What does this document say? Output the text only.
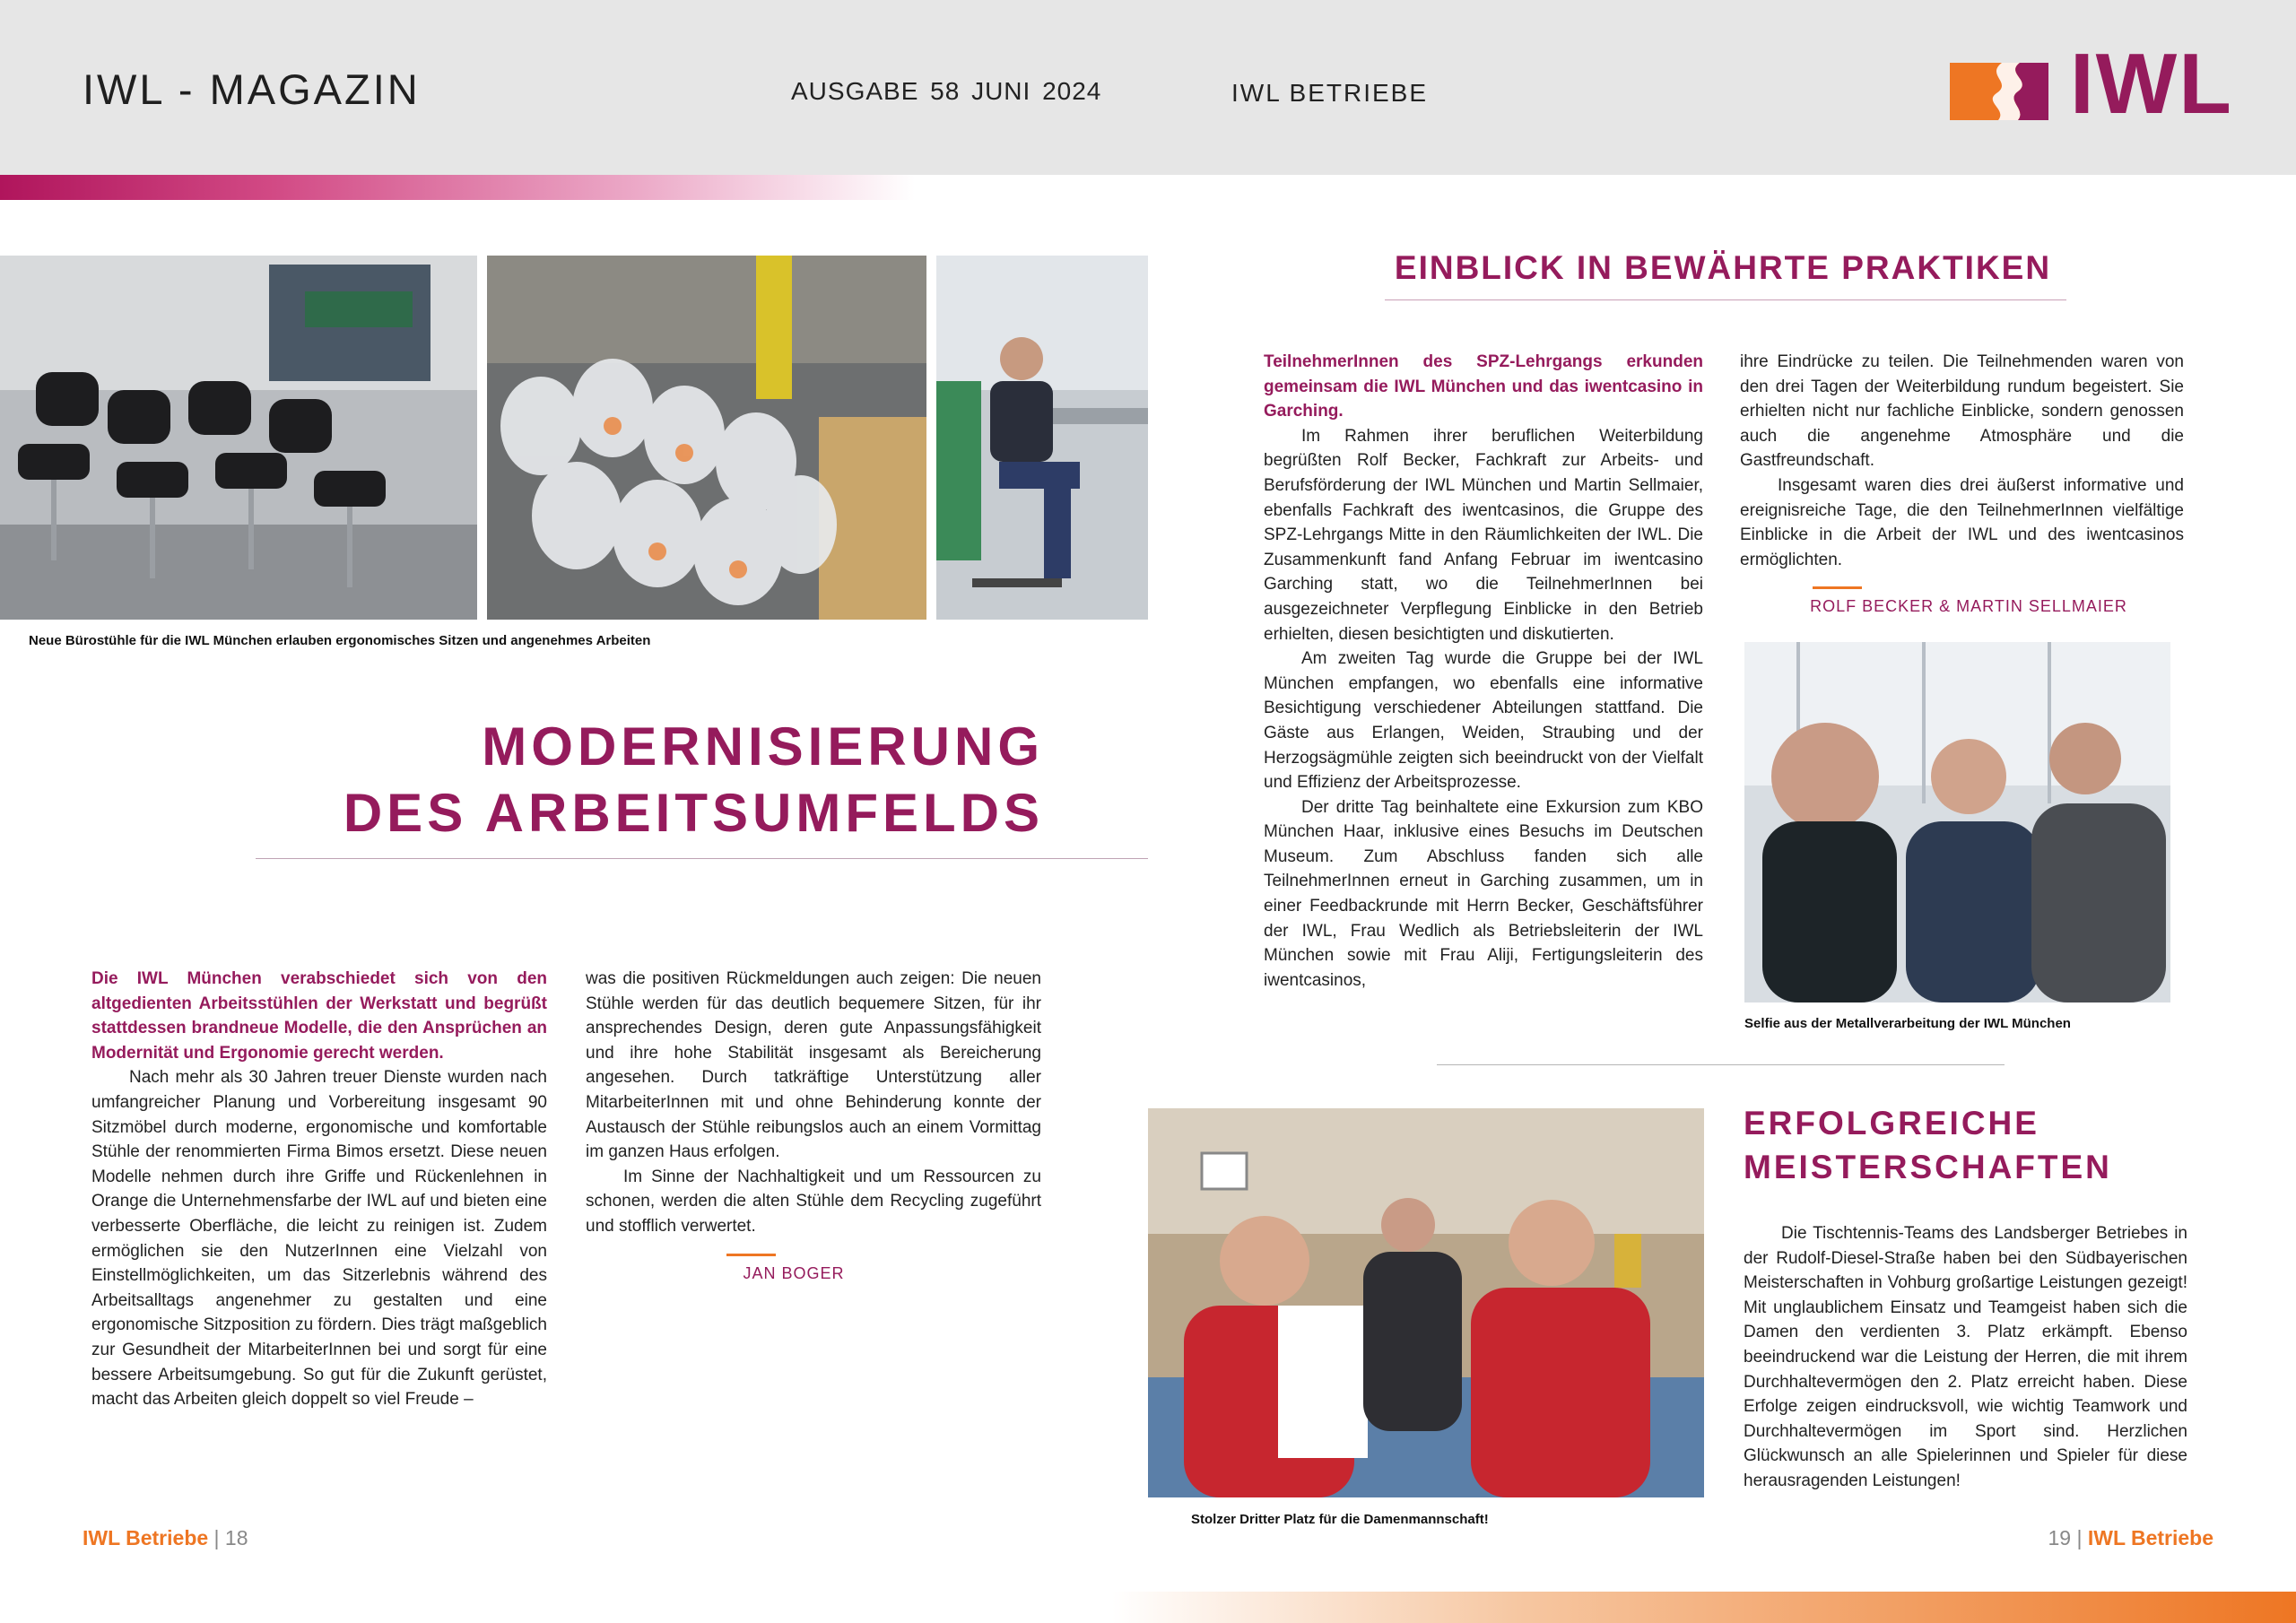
IWL - MAGAZIN	AUSGABE 58 JUNI 2024	IWL BETRIEBE	IWL
Neue Bürostühle für die IWL München erlauben ergonomisches Sitzen und angenehmes Arbeiten
MODERNISIERUNG
DES ARBEITSUMFELDS

Die IWL München verabschiedet sich von den altgedienten Arbeitsstühlen der Werkstatt und begrüßt stattdessen brandneue Modelle, die den Ansprüchen an Modernität und Ergonomie gerecht werden.

Nach mehr als 30 Jahren treuer Dienste wurden nach umfangreicher Planung und Vorbereitung insgesamt 90 Sitzmöbel durch moderne, ergonomische und komfortable Stühle der renommierten Firma Bimos ersetzt. Diese neuen Modelle nehmen durch ihre Griffe und Rückenlehnen in Orange die Unternehmensfarbe der IWL auf und bieten eine verbesserte Oberfläche, die leicht zu reinigen ist. Zudem ermöglichen sie den NutzerInnen eine Vielzahl von Einstellmöglichkeiten, um das Sitzerlebnis während des Arbeitsalltags angenehmer zu gestalten und eine ergonomische Sitzposition zu fördern. Dies trägt maßgeblich zur Gesundheit der MitarbeiterInnen bei und sorgt für eine bessere Arbeitsumgebung. So gut für die Zukunft gerüstet, macht das Arbeiten gleich doppelt so viel Freude –

was die positiven Rückmeldungen auch zeigen: Die neuen Stühle werden für das deutlich bequemere Sitzen, für ihr ansprechendes Design, deren gute Anpassungsfähigkeit und ihre hohe Stabilität insgesamt als Bereicherung angesehen. Durch tatkräftige Unterstützung aller MitarbeiterInnen mit und ohne Behinderung konnte der Austausch der Stühle reibungslos auch an einem Vormittag im ganzen Haus erfolgen.

Im Sinne der Nachhaltigkeit und um Ressourcen zu schonen, werden die alten Stühle dem Recycling zugeführt und stofflich verwertet.

JAN BOGER
EINBLICK IN BEWÄHRTE PRAKTIKEN

TeilnehmerInnen des SPZ-Lehrgangs erkunden gemeinsam die IWL München und das iwentcasino in Garching.

Im Rahmen ihrer beruflichen Weiterbildung begrüßten Rolf Becker, Fachkraft zur Arbeits- und Berufsförderung der IWL München und Martin Sellmaier, ebenfalls Fachkraft des iwentcasinos, die Gruppe des SPZ-Lehrgangs Mitte in den Räumlichkeiten der IWL. Die Zusammenkunft fand Anfang Februar im iwentcasino Garching statt, wo die TeilnehmerInnen bei ausgezeichneter Verpflegung Einblicke in den Betrieb erhielten, diesen besichtigten und diskutierten.

Am zweiten Tag wurde die Gruppe bei der IWL München empfangen, wo ebenfalls eine informative Besichtigung verschiedener Abteilungen stattfand. Die Gäste aus Erlangen, Weiden, Straubing und der Herzogsägmühle zeigten sich beeindruckt von der Vielfalt und Effizienz der Arbeitsprozesse.

Der dritte Tag beinhaltete eine Exkursion zum KBO München Haar, inklusive eines Besuchs im Deutschen Museum. Zum Abschluss fanden sich alle TeilnehmerInnen erneut in Garching zusammen, um in einer Feedbackrunde mit Herrn Becker, Geschäftsführer der IWL, Frau Wedlich als Betriebsleiterin der IWL München sowie mit Frau Aliji, Fertigungsleiterin des iwentcasinos,

ihre Eindrücke zu teilen. Die Teilnehmenden waren von den drei Tagen der Weiterbildung rundum begeistert. Sie erhielten nicht nur fachliche Einblicke, sondern genossen auch die angenehme Atmosphäre und die Gastfreundschaft.

Insgesamt waren dies drei äußerst informative und ereignisreiche Tage, die den TeilnehmerInnen vielfältige Einblicke in die Arbeit der IWL und des iwentcasinos ermöglichten.

ROLF BECKER & MARTIN SELLMAIER
Selfie aus der Metallverarbeitung der IWL München
Stolzer Dritter Platz für die Damenmannschaft!
ERFOLGREICHE
MEISTERSCHAFTEN

Die Tischtennis-Teams des Landsberger Betriebes in der Rudolf-Diesel-Straße haben bei den Südbayerischen Meisterschaften in Vohburg großartige Leistungen gezeigt! Mit unglaublichem Einsatz und Teamgeist haben sich die Damen den verdienten 3. Platz erkämpft. Ebenso beeindruckend war die Leistung der Herren, die mit ihrem Durchhaltevermögen den 2. Platz erreicht haben. Diese Erfolge zeigen eindrucksvoll, wie wichtig Teamwork und Durchhaltevermögen im Sport sind. Herzlichen Glückwunsch an alle Spielerinnen und Spieler für diese herausragenden Leistungen!

IWL Betriebe | 18	19 | IWL Betriebe
